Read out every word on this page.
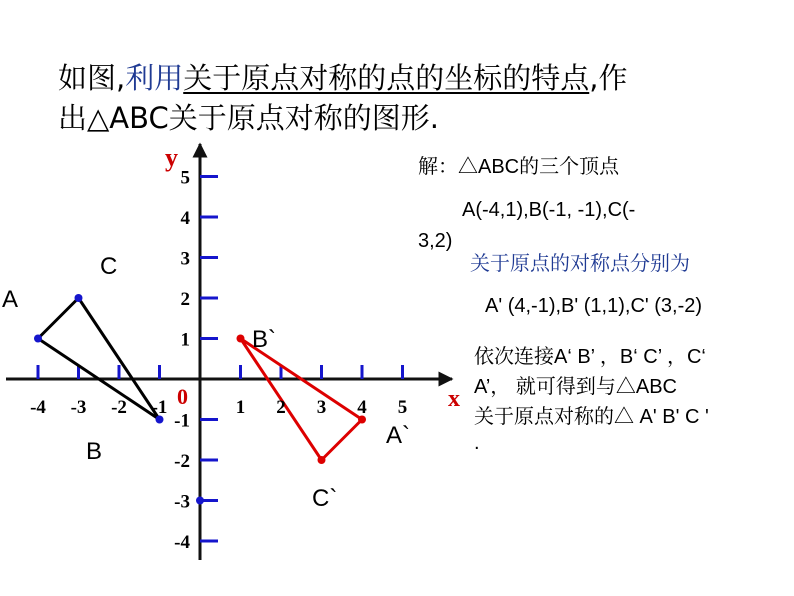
如图,利用关于原点对称的点的坐标的特点,作
出△ABC关于原点对称的图形.
x
y
0
-4 -3 -2 -1	1 2 3 4 5
5
4
3
2
1
-1
-2
-3
-4
A
B
C
A`
B`
C`
解：△ABC的三个顶点
A(-4,1),B(-1, -1),C(-
3,2)
关于原点的对称点分别为
A' (4,-1),B' (1,1),C' (3,-2)
依次连接A‘ B’ ，B‘ C’ ，C‘
A’， 就可得到与△ABC
关于原点对称的△ A' B' C '
.
